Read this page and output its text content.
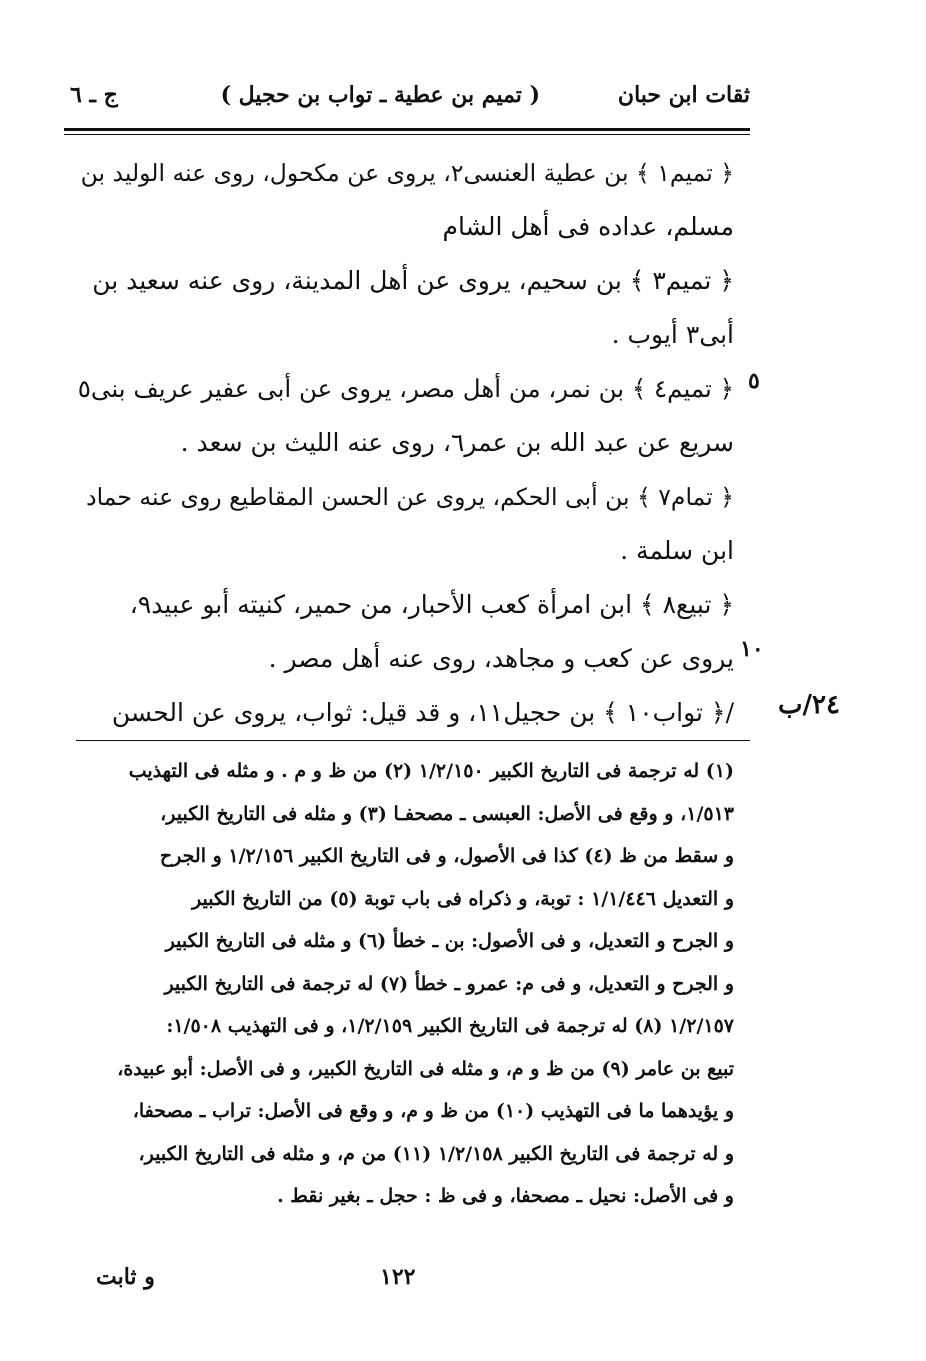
ثقات ابن حبان
( تميم بن عطية ـ تواب بن حجيل )
ج ـ ٦
٥
١٠
٢٤/ب
﴿ تميم١ ﴾ بن عطية العنسى٢، يروى عن مكحول، روى عنه الوليد بن
مسلم، عداده فى أهل الشام
﴿ تميم٣ ﴾ بن سحيم، يروى عن أهل المدينة، روى عنه سعيد بن
أبى٣ أيوب .
﴿ تميم٤ ﴾ بن نمر، من أهل مصر، يروى عن أبى عفير عريف بنى٥
سريع عن عبد الله بن عمر٦، روى عنه الليث بن سعد .
﴿ تمام٧ ﴾ بن أبى الحكم، يروى عن الحسن المقاطيع روى عنه حماد
ابن سلمة .
﴿ تبيع٨ ﴾ ابن امرأة كعب الأحبار، من حمير، كنيته أبو عبيد٩،
يروى عن كعب و مجاهد، روى عنه أهل مصر .
/﴿ تواب١٠ ﴾ بن حجيل١١، و قد قيل: ثواب، يروى عن الحسن
(١) له ترجمة فى التاريخ الكبير ١/٢/١٥٠ (٢) من ظ و م . و مثله فى التهذيب
١/٥١٣، و وقع فى الأصل: العبسى ـ مصحفـا (٣) و مثله فى التاريخ الكبير،
و سقط من ظ (٤) كذا فى الأصول، و فى التاريخ الكبير ١/٢/١٥٦ و الجرح
و التعديل ١/١/٤٤٦ : توبة، و ذكراه فى باب توبة (٥) من التاريخ الكبير
و الجرح و التعديل، و فى الأصول: بن ـ خطأ (٦) و مثله فى التاريخ الكبير
و الجرح و التعديل، و فى م: عمرو ـ خطأ (٧) له ترجمة فى التاريخ الكبير
١/٢/١٥٧ (٨) له ترجمة فى التاريخ الكبير ١/٢/١٥٩، و فى التهذيب ١/٥٠٨:
تبيع بن عامر (٩) من ظ و م، و مثله فى التاريخ الكبير، و فى الأصل: أبو عبيدة،
و يؤيدهما ما فى التهذيب (١٠) من ظ و م، و وقع فى الأصل: تراب ـ مصحفا،
و له ترجمة فى التاريخ الكبير ١/٢/١٥٨ (١١) من م، و مثله فى التاريخ الكبير،
و فى الأصل: نحيل ـ مصحفا، و فى ظ : حجل ـ بغير نقط .
١٢٢
و ثابت
